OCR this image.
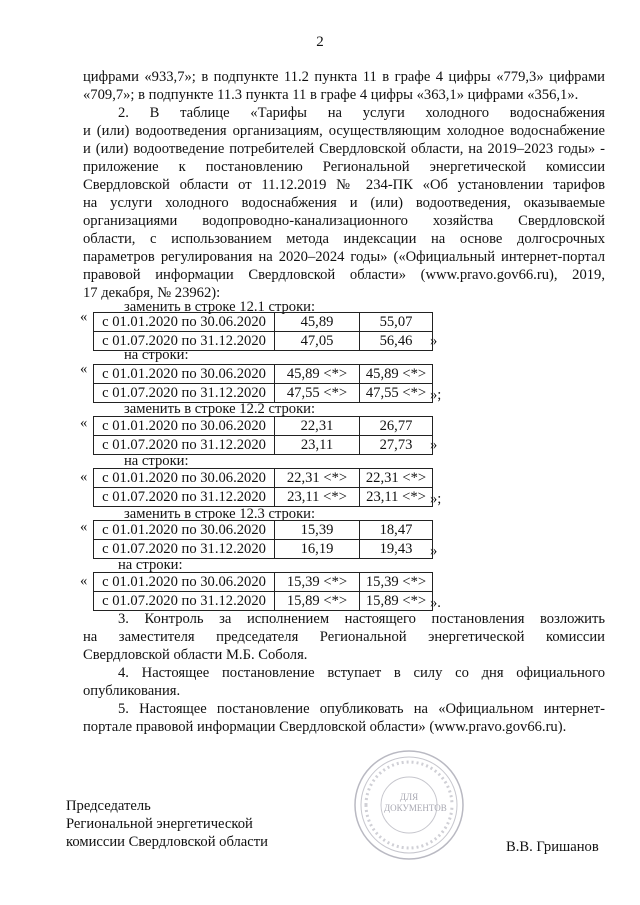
2
цифрами «933,7»; в подпункте 11.2 пункта 11 в графе 4 цифры «779,3» цифрами
«709,7»; в подпункте 11.3 пункта 11 в графе 4 цифры «363,1» цифрами «356,1».
2. В таблице «Тарифы на услуги холодного водоснабжения
и (или) водоотведения организациям, осуществляющим холодное водоснабжение
и (или) водоотведение потребителей Свердловской области, на 2019–2023 годы» -
приложение к постановлению Региональной энергетической комиссии
Свердловской области от 11.12.2019 № 234-ПК «Об установлении тарифов
на услуги холодного водоснабжения и (или) водоотведения, оказываемые
организациями водопроводно-канализационного хозяйства Свердловской
области, с использованием метода индексации на основе долгосрочных
параметров регулирования на 2020–2024 годы» («Официальный интернет-портал
правовой информации Свердловской области» (www.pravo.gov66.ru), 2019,
17 декабря, № 23962):
заменить в строке 12.1 строки:
« с 01.01.2020 по 30.06.2020	45,89	55,07
с 01.07.2020 по 31.12.2020	47,05	56,46 »
на строки:
« с 01.01.2020 по 30.06.2020	45,89 <*>	45,89 <*>
с 01.07.2020 по 31.12.2020	47,55 <*>	47,55 <*> »;
заменить в строке 12.2 строки:
« с 01.01.2020 по 30.06.2020	22,31	26,77
с 01.07.2020 по 31.12.2020	23,11	27,73 »
на строки:
« с 01.01.2020 по 30.06.2020	22,31 <*>	22,31 <*>
с 01.07.2020 по 31.12.2020	23,11 <*>	23,11 <*> »;
заменить в строке 12.3 строки:
« с 01.01.2020 по 30.06.2020	15,39	18,47
с 01.07.2020 по 31.12.2020	16,19	19,43 »
на строки:
« с 01.01.2020 по 30.06.2020	15,39 <*>	15,39 <*>
с 01.07.2020 по 31.12.2020	15,89 <*>	15,89 <*> ».
3. Контроль за исполнением настоящего постановления возложить
на заместителя председателя Региональной энергетической комиссии
Свердловской области М.Б. Соболя.
4. Настоящее постановление вступает в силу со дня официального
опубликования.
5. Настоящее постановление опубликовать на «Официальном интернет-
портале правовой информации Свердловской области» (www.pravo.gov66.ru).
ДЛЯ ДОКУМЕНТОВ
Председатель
Региональной энергетической
комиссии Свердловской области	В.В. Гришанов
